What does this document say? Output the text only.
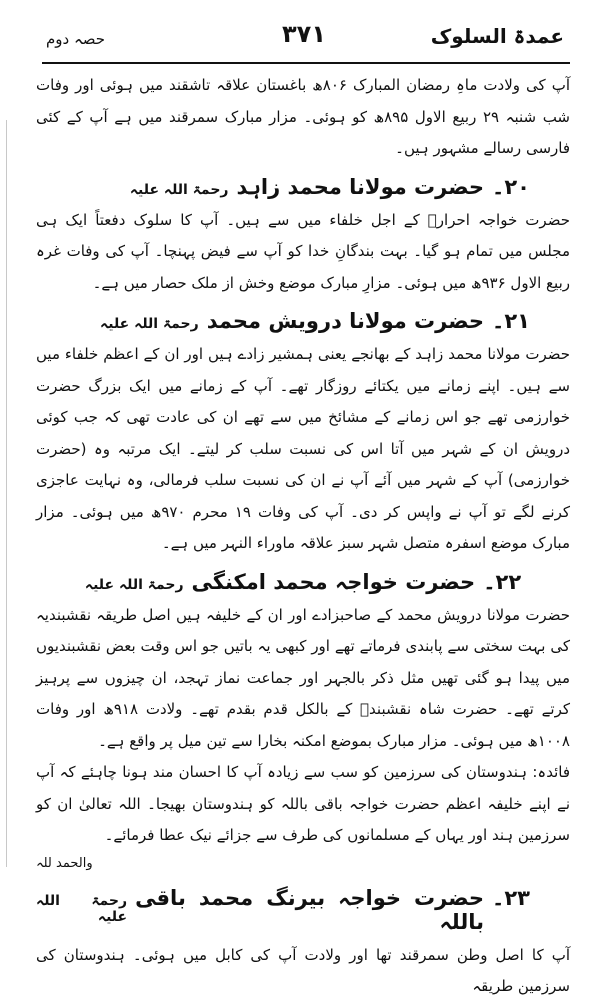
عمدۃ السلوک
۳۷۱
حصہ دوم

آپ کی ولادت ماہِ رمضان المبارک ۸۰۶ھ باغستان علاقہ تاشقند میں ہوئی اور وفات شب شنبہ ۲۹ ربیع الاول ۸۹۵ھ کو ہوئی۔ مزار مبارک سمرقند میں ہے آپ کے کئی فارسی رسالے مشہور ہیں۔

۲۰۔
حضرت مولانا محمد زاہد
رحمۃ اللہ علیہ

حضرت خواجہ احرارؒ کے اجل خلفاء میں سے ہیں۔ آپ کا سلوک دفعتاً ایک ہی مجلس میں تمام ہو گیا۔ بہت بندگانِ خدا کو آپ سے فیض پہنچا۔ آپ کی وفات غرہ ربیع الاول ۹۳۶ھ میں ہوئی۔ مزارِ مبارک موضع وخش از ملک حصار میں ہے۔

۲۱۔
حضرت مولانا درویش محمد
رحمۃ اللہ علیہ

حضرت مولانا محمد زاہد کے بھانجے یعنی ہمشیر زادے ہیں اور ان کے اعظم خلفاء میں سے ہیں۔ اپنے زمانے میں یکتائے روزگار تھے۔ آپ کے زمانے میں ایک بزرگ حضرت خوارزمی تھے جو اس زمانے کے مشائخ میں سے تھے ان کی عادت تھی کہ جب کوئی درویش ان کے شہر میں آتا اس کی نسبت سلب کر لیتے۔ ایک مرتبہ وہ (حضرت خوارزمی) آپ کے شہر میں آئے آپ نے ان کی نسبت سلب فرمالی، وہ نہایت عاجزی کرنے لگے تو آپ نے واپس کر دی۔ آپ کی وفات ۱۹ محرم ۹۷۰ھ میں ہوئی۔ مزار مبارک موضع اسفرہ متصل شہر سبز علاقہ ماوراء النہر میں ہے۔

۲۲۔
حضرت خواجہ محمد امکنگی
رحمۃ اللہ علیہ

حضرت مولانا درویش محمد کے صاحبزادے اور ان کے خلیفہ ہیں اصل طریقہ نقشبندیہ کی بہت سختی سے پابندی فرماتے تھے اور کبھی یہ باتیں جو اس وقت بعض نقشبندیوں میں پیدا ہو گئی تھیں مثل ذکر بالجہر اور جماعت نماز تہجد، ان چیزوں سے پرہیز کرتے تھے۔ حضرت شاہ نقشبندؒ کے بالکل قدم بقدم تھے۔ ولادت ۹۱۸ھ اور وفات ۱۰۰۸ھ میں ہوئی۔ مزار مبارک بموضع امکنہ بخارا سے تین میل پر واقع ہے۔

فائدہ: ہندوستان کی سرزمین کو سب سے زیادہ آپ کا احسان مند ہونا چاہئے کہ آپ نے اپنے خلیفہ اعظم حضرت خواجہ باقی باللہ کو ہندوستان بھیجا۔ اللہ تعالیٰ ان کو سرزمین ہند اور یہاں کے مسلمانوں کی طرف سے جزائے نیک عطا فرمائے۔

والحمد للہ

۲۳۔
حضرت خواجہ بیرنگ محمد باقی باللہ
رحمۃ اللہ علیہ

آپ کا اصل وطن سمرقند تھا اور ولادت آپ کی کابل میں ہوئی۔ ہندوستان کی سرزمین طریقہ
